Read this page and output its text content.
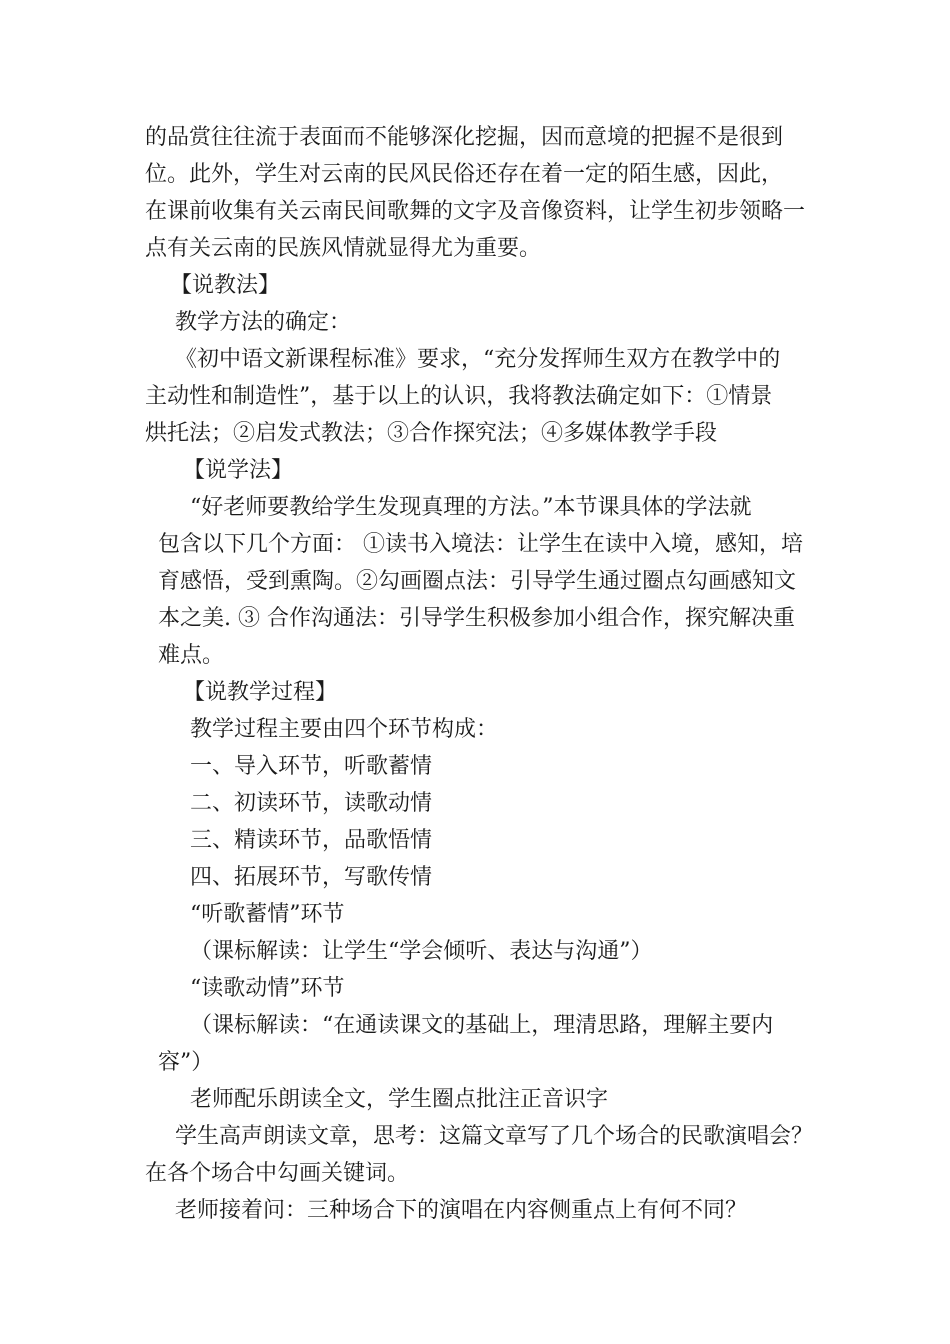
的品赏往往流于表面而不能够深化挖掘，因而意境的把握不是很到
位。此外，学生对云南的民风民俗还存在着一定的陌生感，因此，
在课前收集有关云南民间歌舞的文字及音像资料，让学生初步领略一
点有关云南的民族风情就显得尤为重要。
【说教法】
教学方法的确定：
《初中语文新课程标准》要求，“充分发挥师生双方在教学中的
主动性和制造性”，基于以上的认识，我将教法确定如下：①情景
烘托法；②启发式教法；③合作探究法；④多媒体教学手段
【说学法】
“好老师要教给学生发现真理的方法。”本节课具体的学法就
包含以下几个方面： ①读书入境法：让学生在读中入境，感知，培
育感悟，受到熏陶。②勾画圈点法：引导学生通过圈点勾画感知文
本之美. ③ 合作沟通法：引导学生积极参加小组合作，探究解决重
难点。
【说教学过程】
教学过程主要由四个环节构成：
一、导入环节，听歌蓄情
二、初读环节，读歌动情
三、精读环节，品歌悟情
四、拓展环节，写歌传情
“听歌蓄情”环节
（课标解读：让学生“学会倾听、表达与沟通”）
“读歌动情”环节
（课标解读：“在通读课文的基础上，理清思路，理解主要内
容”）
老师配乐朗读全文，学生圈点批注正音识字
学生高声朗读文章，思考：这篇文章写了几个场合的民歌演唱会？
在各个场合中勾画关键词。
老师接着问：三种场合下的演唱在内容侧重点上有何不同？
